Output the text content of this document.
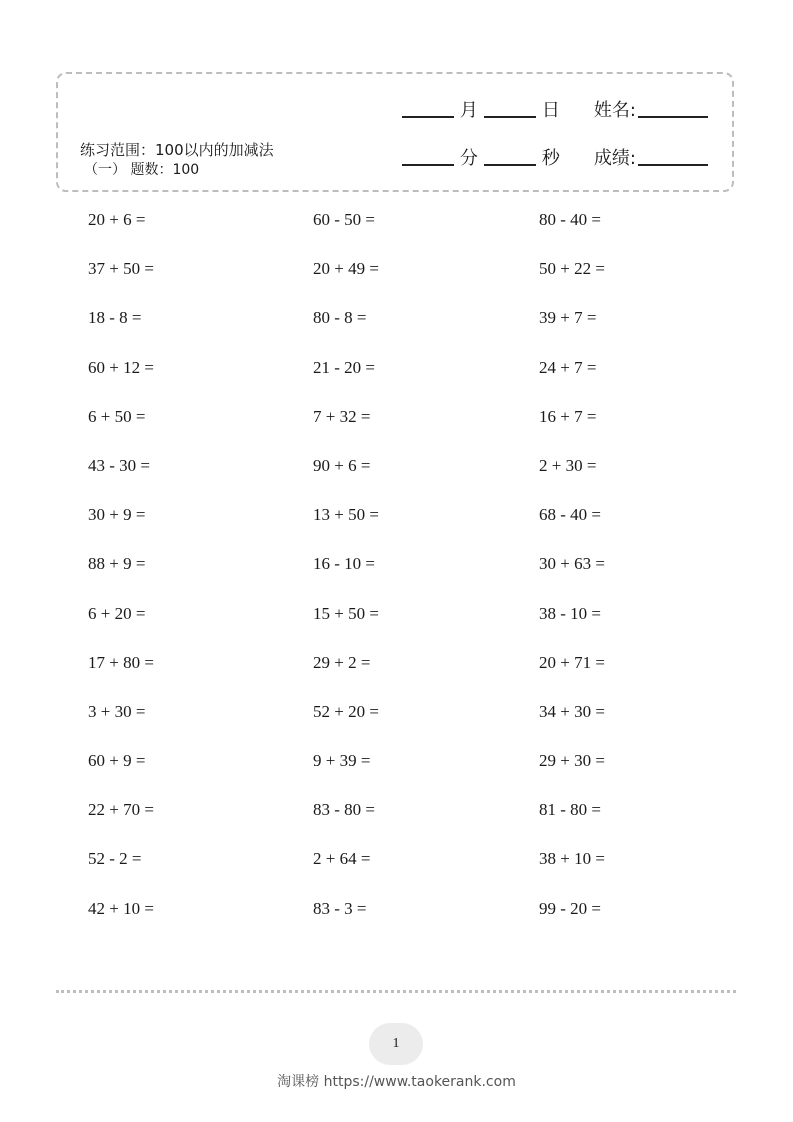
练习范围：100以内的加减法
（一） 题数：100
月	日 姓名:
分	秒 成绩:
20 + 6 =	60 - 50 =	80 - 40 =
37 + 50 =	20 + 49 =	50 + 22 =
18 - 8 =	80 - 8 =	39 + 7 =
60 + 12 =	21 - 20 =	24 + 7 =
6 + 50 =	7 + 32 =	16 + 7 =
43 - 30 =	90 + 6 =	2 + 30 =
30 + 9 =	13 + 50 =	68 - 40 =
88 + 9 =	16 - 10 =	30 + 63 =
6 + 20 =	15 + 50 =	38 - 10 =
17 + 80 =	29 + 2 =	20 + 71 =
3 + 30 =	52 + 20 =	34 + 30 =
60 + 9 =	9 + 39 =	29 + 30 =
22 + 70 =	83 - 80 =	81 - 80 =
52 - 2 =	2 + 64 =	38 + 10 =
42 + 10 =	83 - 3 =	99 - 20 =
1
淘课榜 https://www.taokerank.com
